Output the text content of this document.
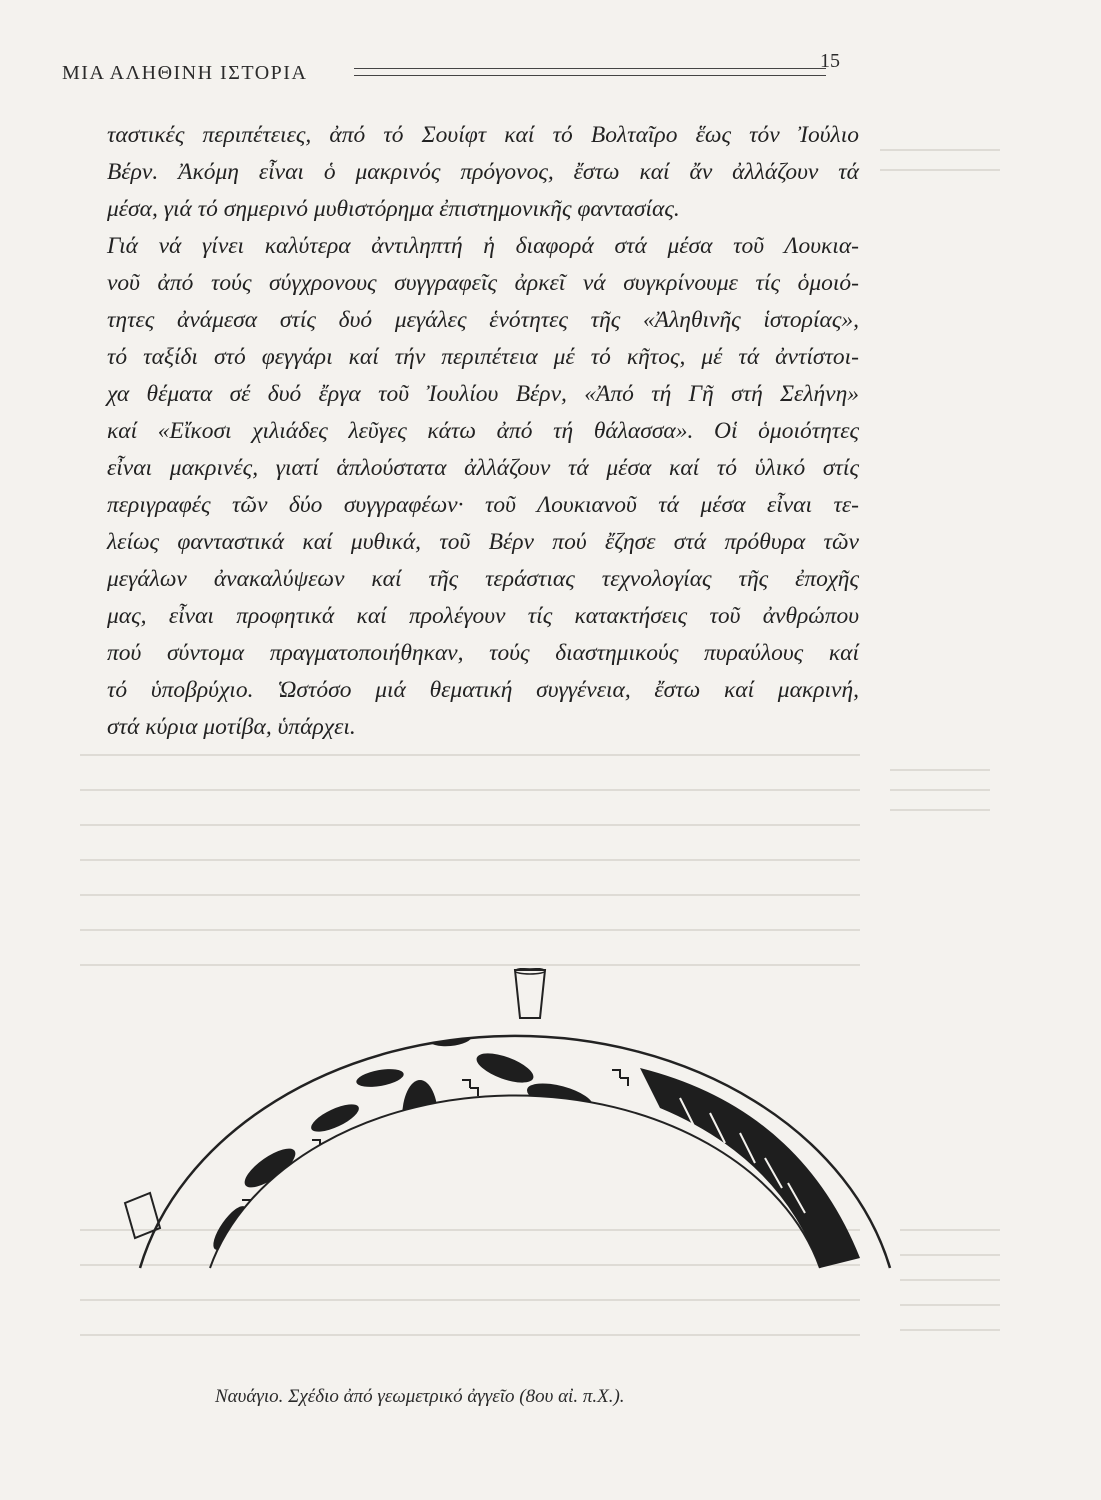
ΜΙΑ ΑΛΗΘΙΝΗ ΙΣΤΟΡΙΑ
15
ταστικές περιπέτειες, ἀπό τό Σουίφτ καί τό Βολταῖρο ἕως τόν Ἰούλιο
Βέρν. Ἀκόμη εἶναι ὁ μακρινός πρόγονος, ἔστω καί ἄν ἀλλάζουν τά
μέσα, γιά τό σημερινό μυθιστόρημα ἐπιστημονικῆς φαντασίας.
Γιά νά γίνει καλύτερα ἀντιληπτή ἡ διαφορά στά μέσα τοῦ Λουκια-
νοῦ ἀπό τούς σύγχρονους συγγραφεῖς ἀρκεῖ νά συγκρίνουμε τίς ὁμοιό-
τητες ἀνάμεσα στίς δυό μεγάλες ἑνότητες τῆς «Ἀληθινῆς ἱστορίας»,
τό ταξίδι στό φεγγάρι καί τήν περιπέτεια μέ τό κῆτος, μέ τά ἀντίστοι-
χα θέματα σέ δυό ἔργα τοῦ Ἰουλίου Βέρν, «Ἀπό τή Γῆ στή Σελήνη»
καί «Εἴκοσι χιλιάδες λεῦγες κάτω ἀπό τή θάλασσα». Οἱ ὁμοιότητες
εἶναι μακρινές, γιατί ἁπλούστατα ἀλλάζουν τά μέσα καί τό ὑλικό στίς
περιγραφές τῶν δύο συγγραφέων· τοῦ Λουκιανοῦ τά μέσα εἶναι τε-
λείως φανταστικά καί μυθικά, τοῦ Βέρν πού ἔζησε στά πρόθυρα τῶν
μεγάλων ἀνακαλύψεων καί τῆς τεράστιας τεχνολογίας τῆς ἐποχῆς
μας, εἶναι προφητικά καί προλέγουν τίς κατακτήσεις τοῦ ἀνθρώπου
πού σύντομα πραγματοποιήθηκαν, τούς διαστημικούς πυραύλους καί
τό ὑποβρύχιο. Ὡστόσο μιά θεματική συγγένεια, ἔστω καί μακρινή,
στά κύρια μοτίβα, ὑπάρχει.
Ναυάγιο. Σχέδιο ἀπό γεωμετρικό ἀγγεῖο (8ου αἰ. π.Χ.).
